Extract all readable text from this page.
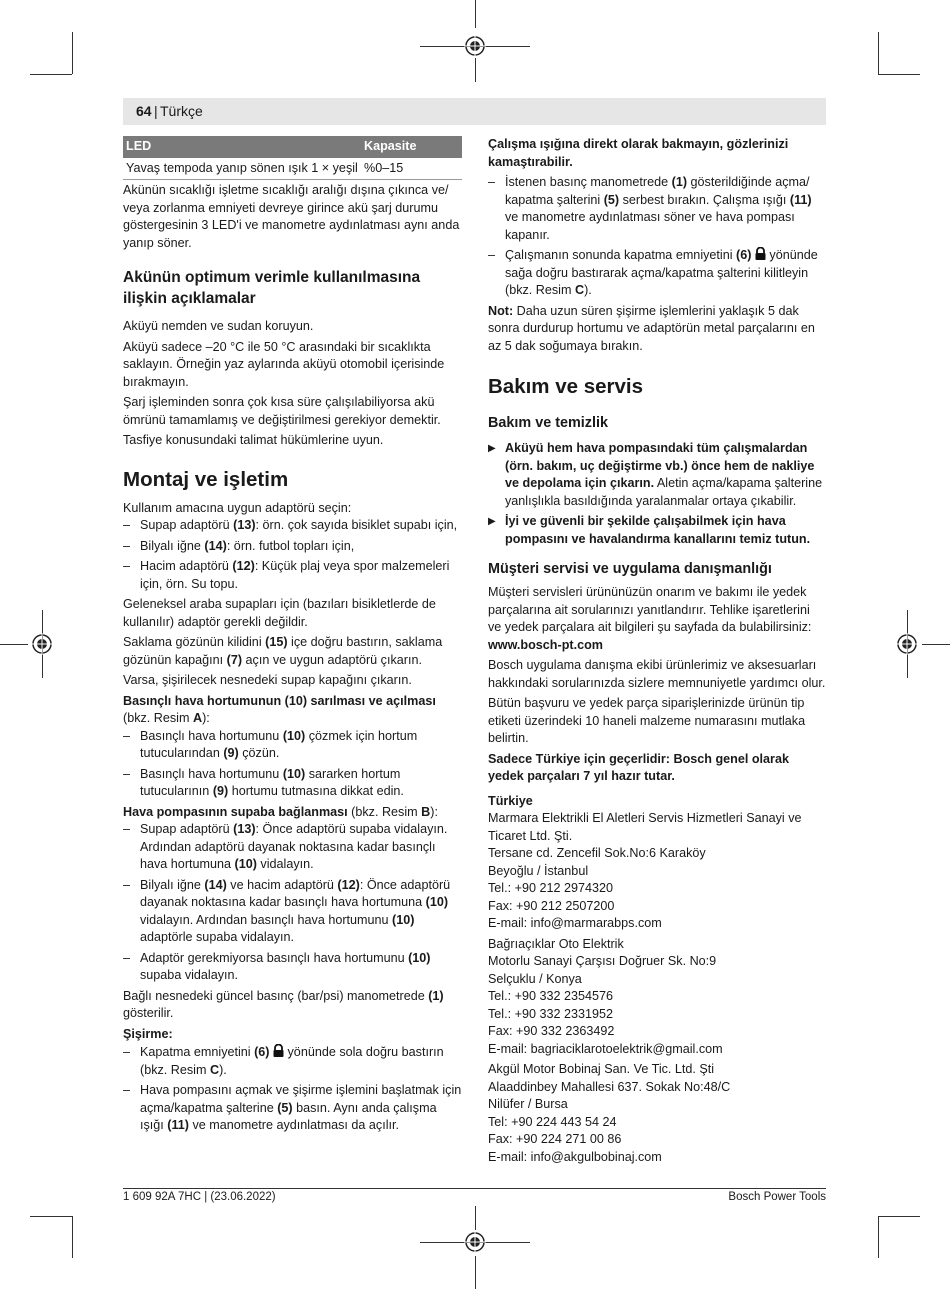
64 | Türkçe
LED	Kapasite
Yavaş tempoda yanıp sönen ışık 1 × yeşil	%0–15

Akünün sıcaklığı işletme sıcaklığı aralığı dışına çıkınca ve/ veya zorlanma emniyeti devreye girince akü şarj durumu göstergesinin 3 LED'i ve manometre aydınlatması aynı anda yanıp söner.

Akünün optimum verimle kullanılmasına ilişkin açıklamalar

Aküyü nemden ve sudan koruyun.

Aküyü sadece –20 °C ile 50 °C arasındaki bir sıcaklıkta saklayın. Örneğin yaz aylarında aküyü otomobil içerisinde bırakmayın.

Şarj işleminden sonra çok kısa süre çalışılabiliyorsa akü ömrünü tamamlamış ve değiştirilmesi gerekiyor demektir.

Tasfiye konusundaki talimat hükümlerine uyun.

Montaj ve işletim

Kullanım amacına uygun adaptörü seçin:

– Supap adaptörü (13): örn. çok sayıda bisiklet supabı için,

– Bilyalı iğne (14): örn. futbol topları için,

– Hacim adaptörü (12): Küçük plaj veya spor malzemeleri için, örn. Su topu.

Geleneksel araba supapları için (bazıları bisikletlerde de kullanılır) adaptör gerekli değildir.

Saklama gözünün kilidini (15) içe doğru bastırın, saklama gözünün kapağını (7) açın ve uygun adaptörü çıkarın.

Varsa, şişirilecek nesnedeki supap kapağını çıkarın.

Basınçlı hava hortumunun (10) sarılması ve açılması
(bkz. Resim A):

– Basınçlı hava hortumunu (10) çözmek için hortum tutucularından (9) çözün.

– Basınçlı hava hortumunu (10) sararken hortum tutucularının (9) hortumu tutmasına dikkat edin.

Hava pompasının supaba bağlanması (bkz. Resim B):

– Supap adaptörü (13): Önce adaptörü supaba vidalayın. Ardından adaptörü dayanak noktasına kadar basınçlı hava hortumuna (10) vidalayın.

– Bilyalı iğne (14) ve hacim adaptörü (12): Önce adaptörü dayanak noktasına kadar basınçlı hava hortumuna (10) vidalayın. Ardından basınçlı hava hortumunu (10) adaptörle supaba vidalayın.

– Adaptör gerekmiyorsa basınçlı hava hortumunu (10) supaba vidalayın.

Bağlı nesnedeki güncel basınç (bar/psi) manometrede (1) gösterilir.

Şişirme:

– Kapatma emniyetini (6)  yönünde sola doğru bastırın (bkz. Resim C).

– Hava pompasını açmak ve şişirme işlemini başlatmak için açma/kapatma şalterine (5) basın. Aynı anda çalışma ışığı (11) ve manometre aydınlatması da açılır.

Çalışma ışığına direkt olarak bakmayın, gözlerinizi kamaştırabilir.

– İstenen basınç manometrede (1) gösterildiğinde açma/ kapatma şalterini (5) serbest bırakın. Çalışma ışığı (11) ve manometre aydınlatması söner ve hava pompası kapanır.

– Çalışmanın sonunda kapatma emniyetini (6)  yönünde sağa doğru bastırarak açma/kapatma şalterini kilitleyin (bkz. Resim C).

Not: Daha uzun süren şişirme işlemlerini yaklaşık 5 dak sonra durdurup hortumu ve adaptörün metal parçalarını en az 5 dak soğumaya bırakın.

Bakım ve servis

Bakım ve temizlik

▶ Aküyü hem hava pompasındaki tüm çalışmalardan (örn. bakım, uç değiştirme vb.) önce hem de nakliye ve depolama için çıkarın. Aletin açma/kapama şalterine yanlışlıkla basıldığında yaralanmalar ortaya çıkabilir.

▶ İyi ve güvenli bir şekilde çalışabilmek için hava pompasını ve havalandırma kanallarını temiz tutun.

Müşteri servisi ve uygulama danışmanlığı

Müşteri servisleri ürününüzün onarım ve bakımı ile yedek parçalarına ait sorularınızı yanıtlandırır. Tehlike işaretlerini ve yedek parçalara ait bilgileri şu sayfada da bulabilirsiniz:

www.bosch-pt.com

Bosch uygulama danışma ekibi ürünlerimiz ve aksesuarları hakkındaki sorularınızda sizlere memnuniyetle yardımcı olur.

Bütün başvuru ve yedek parça siparişlerinizde ürünün tip etiketi üzerindeki 10 haneli malzeme numarasını mutlaka belirtin.

Sadece Türkiye için geçerlidir: Bosch genel olarak yedek parçaları 7 yıl hazır tutar.

Türkiye

Marmara Elektrikli El Aletleri Servis Hizmetleri Sanayi ve Ticaret Ltd. Şti.
Tersane cd. Zencefil Sok.No:6 Karaköy
Beyoğlu / İstanbul
Tel.: +90 212 2974320
Fax: +90 212 2507200
E-mail: info@marmarabps.com
Bağrıaçıklar Oto Elektrik
Motorlu Sanayi Çarşısı Doğruer Sk. No:9
Selçuklu / Konya
Tel.: +90 332 2354576
Tel.: +90 332 2331952
Fax: +90 332 2363492
E-mail: bagriaciklarotoelektrik@gmail.com
Akgül Motor Bobinaj San. Ve Tic. Ltd. Şti
Alaaddinbey Mahallesi 637. Sokak No:48/C
Nilüfer / Bursa
Tel: +90 224 443 54 24
Fax: +90 224 271 00 86
E-mail: info@akgulbobinaj.com
1 609 92A 7HC | (23.06.2022)	Bosch Power Tools
